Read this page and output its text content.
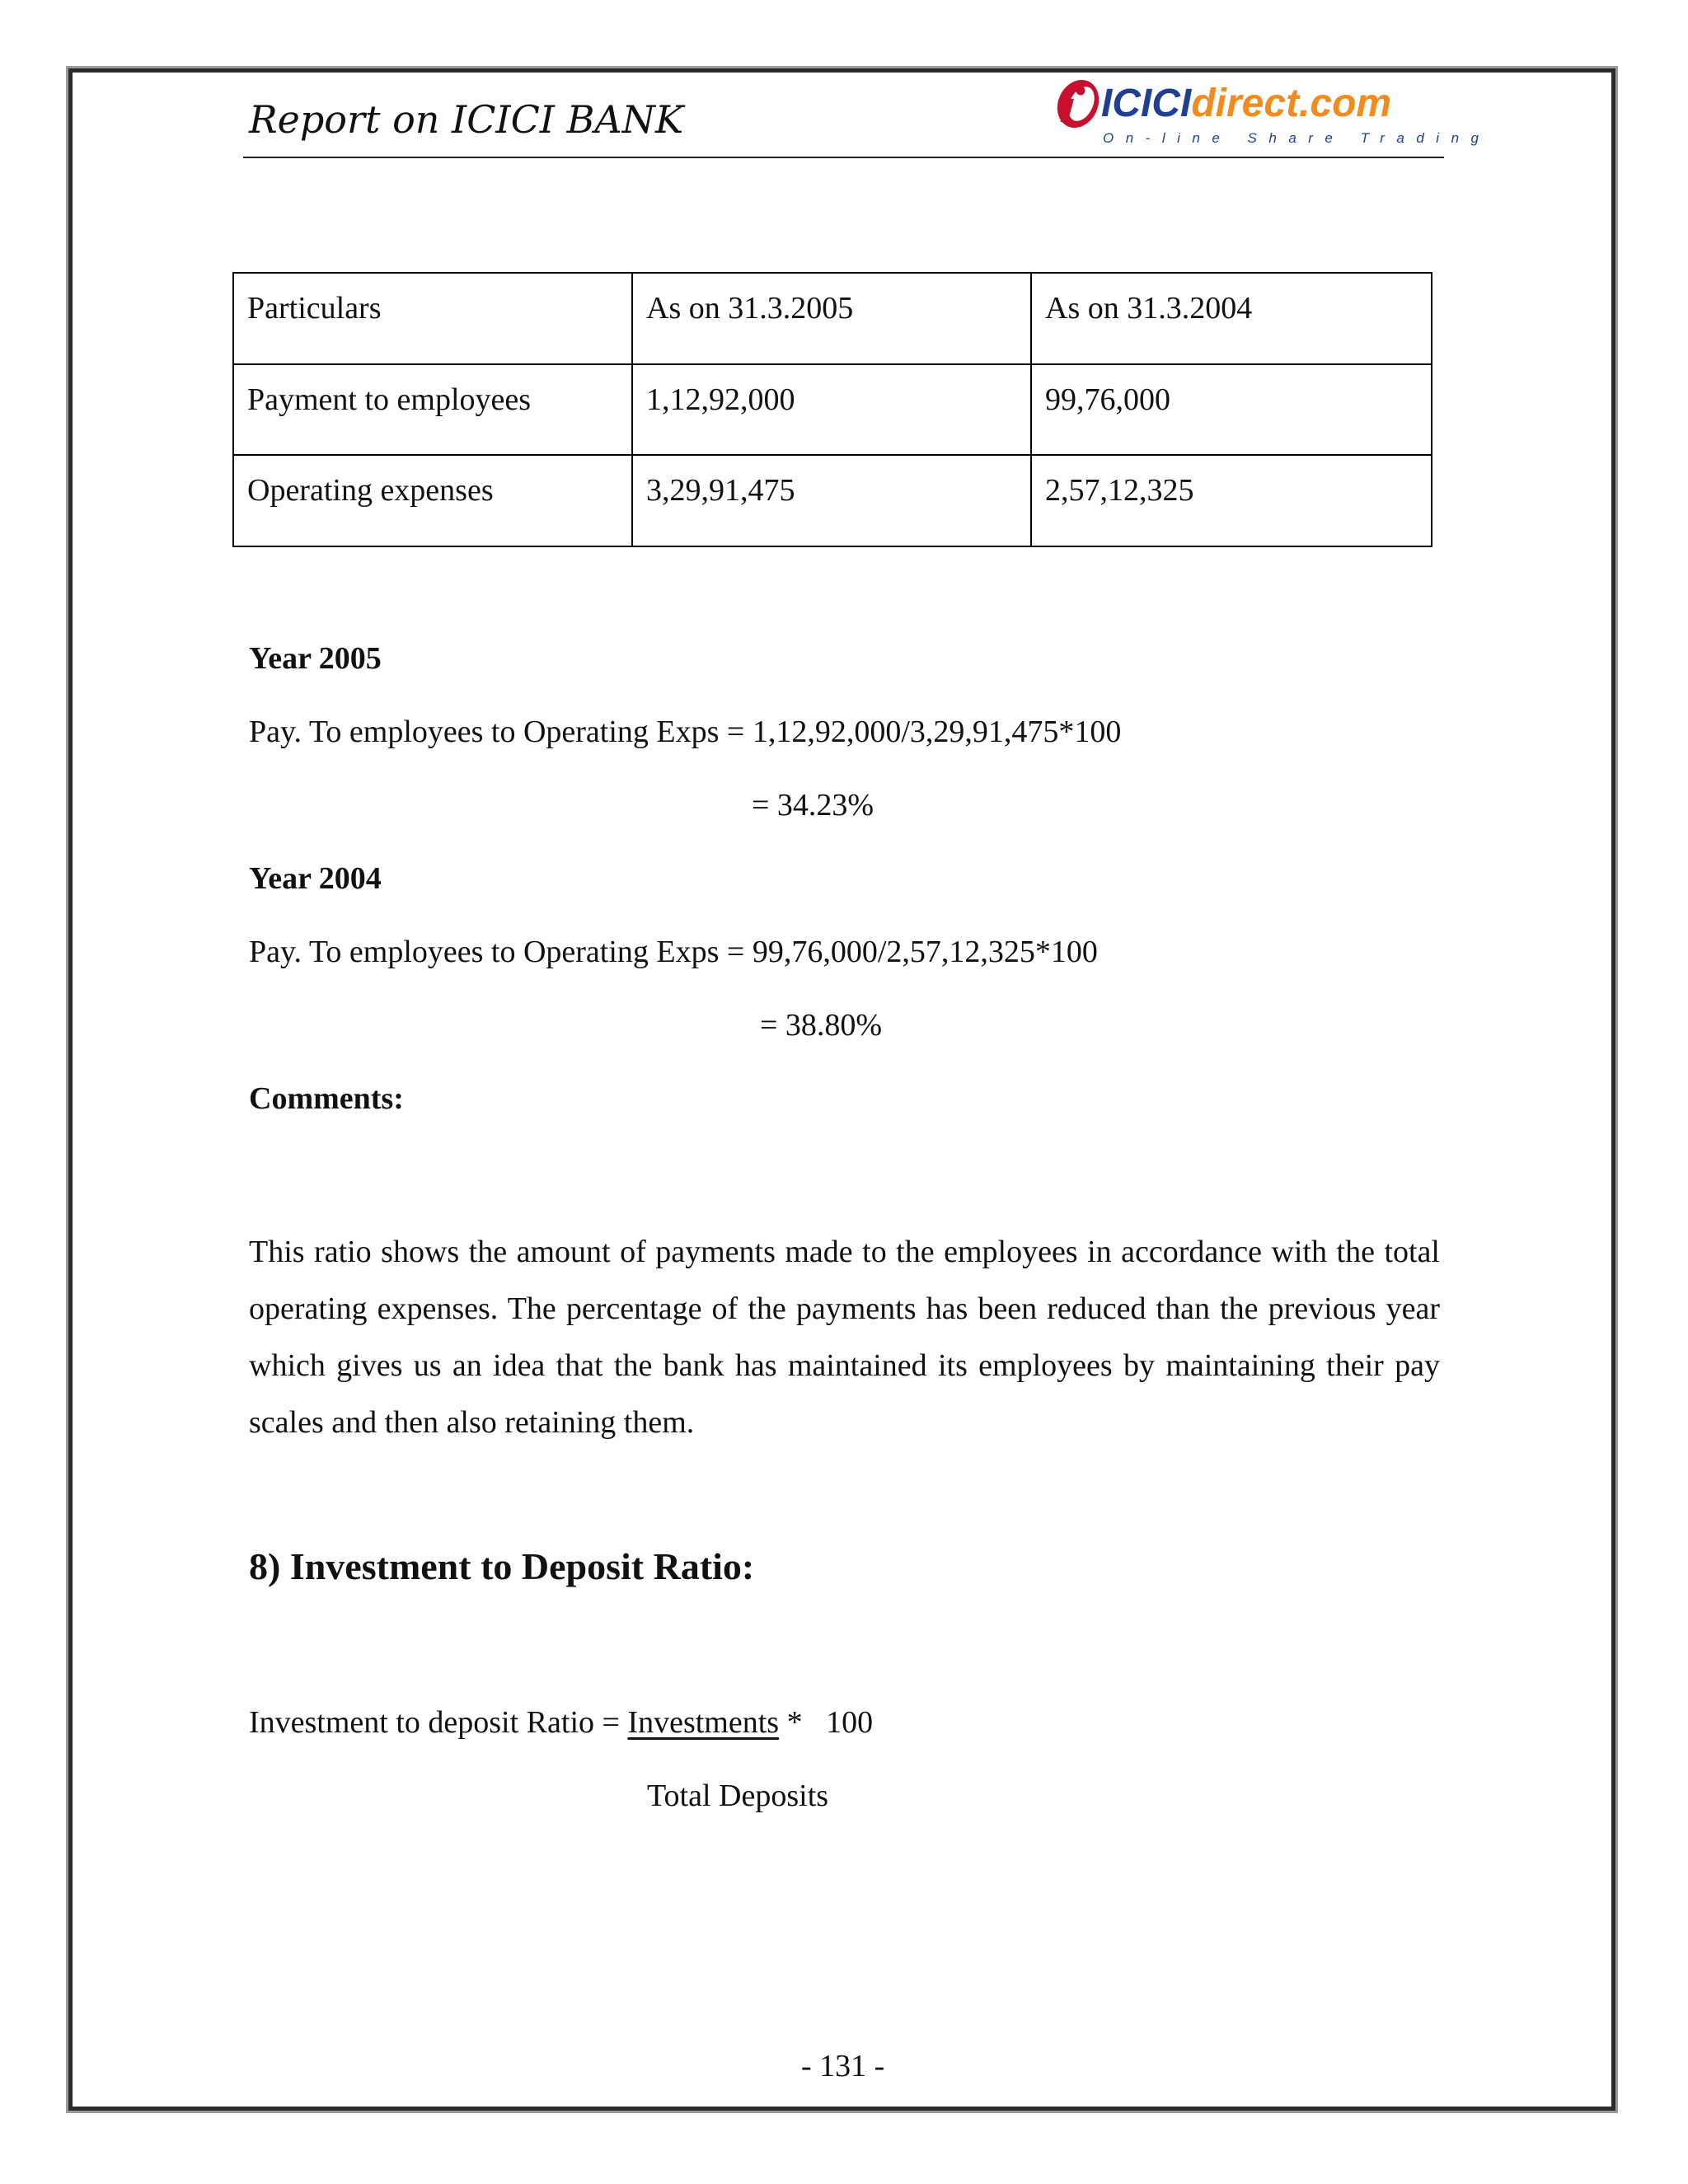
Report on ICICI BANK	ICICIdirect.com
On-line Share Trading
Particulars	As on 31.3.2005	As on 31.3.2004
Payment to employees	1,12,92,000	99,76,000
Operating expenses	3,29,91,475	2,57,12,325
Year 2005
Pay. To employees to Operating Exps = 1,12,92,000/3,29,91,475*100
= 34.23%
Year 2004
Pay. To employees to Operating Exps = 99,76,000/2,57,12,325*100
= 38.80%
Comments:

This ratio shows the amount of payments made to the employees in accordance with the total operating expenses. The percentage of the payments has been reduced than the previous year which gives us an idea that the bank has maintained its employees by maintaining their pay scales and then also retaining them.

8) Investment to Deposit Ratio:
Investment to deposit Ratio = Investments *   100
Total Deposits
- 131 -
